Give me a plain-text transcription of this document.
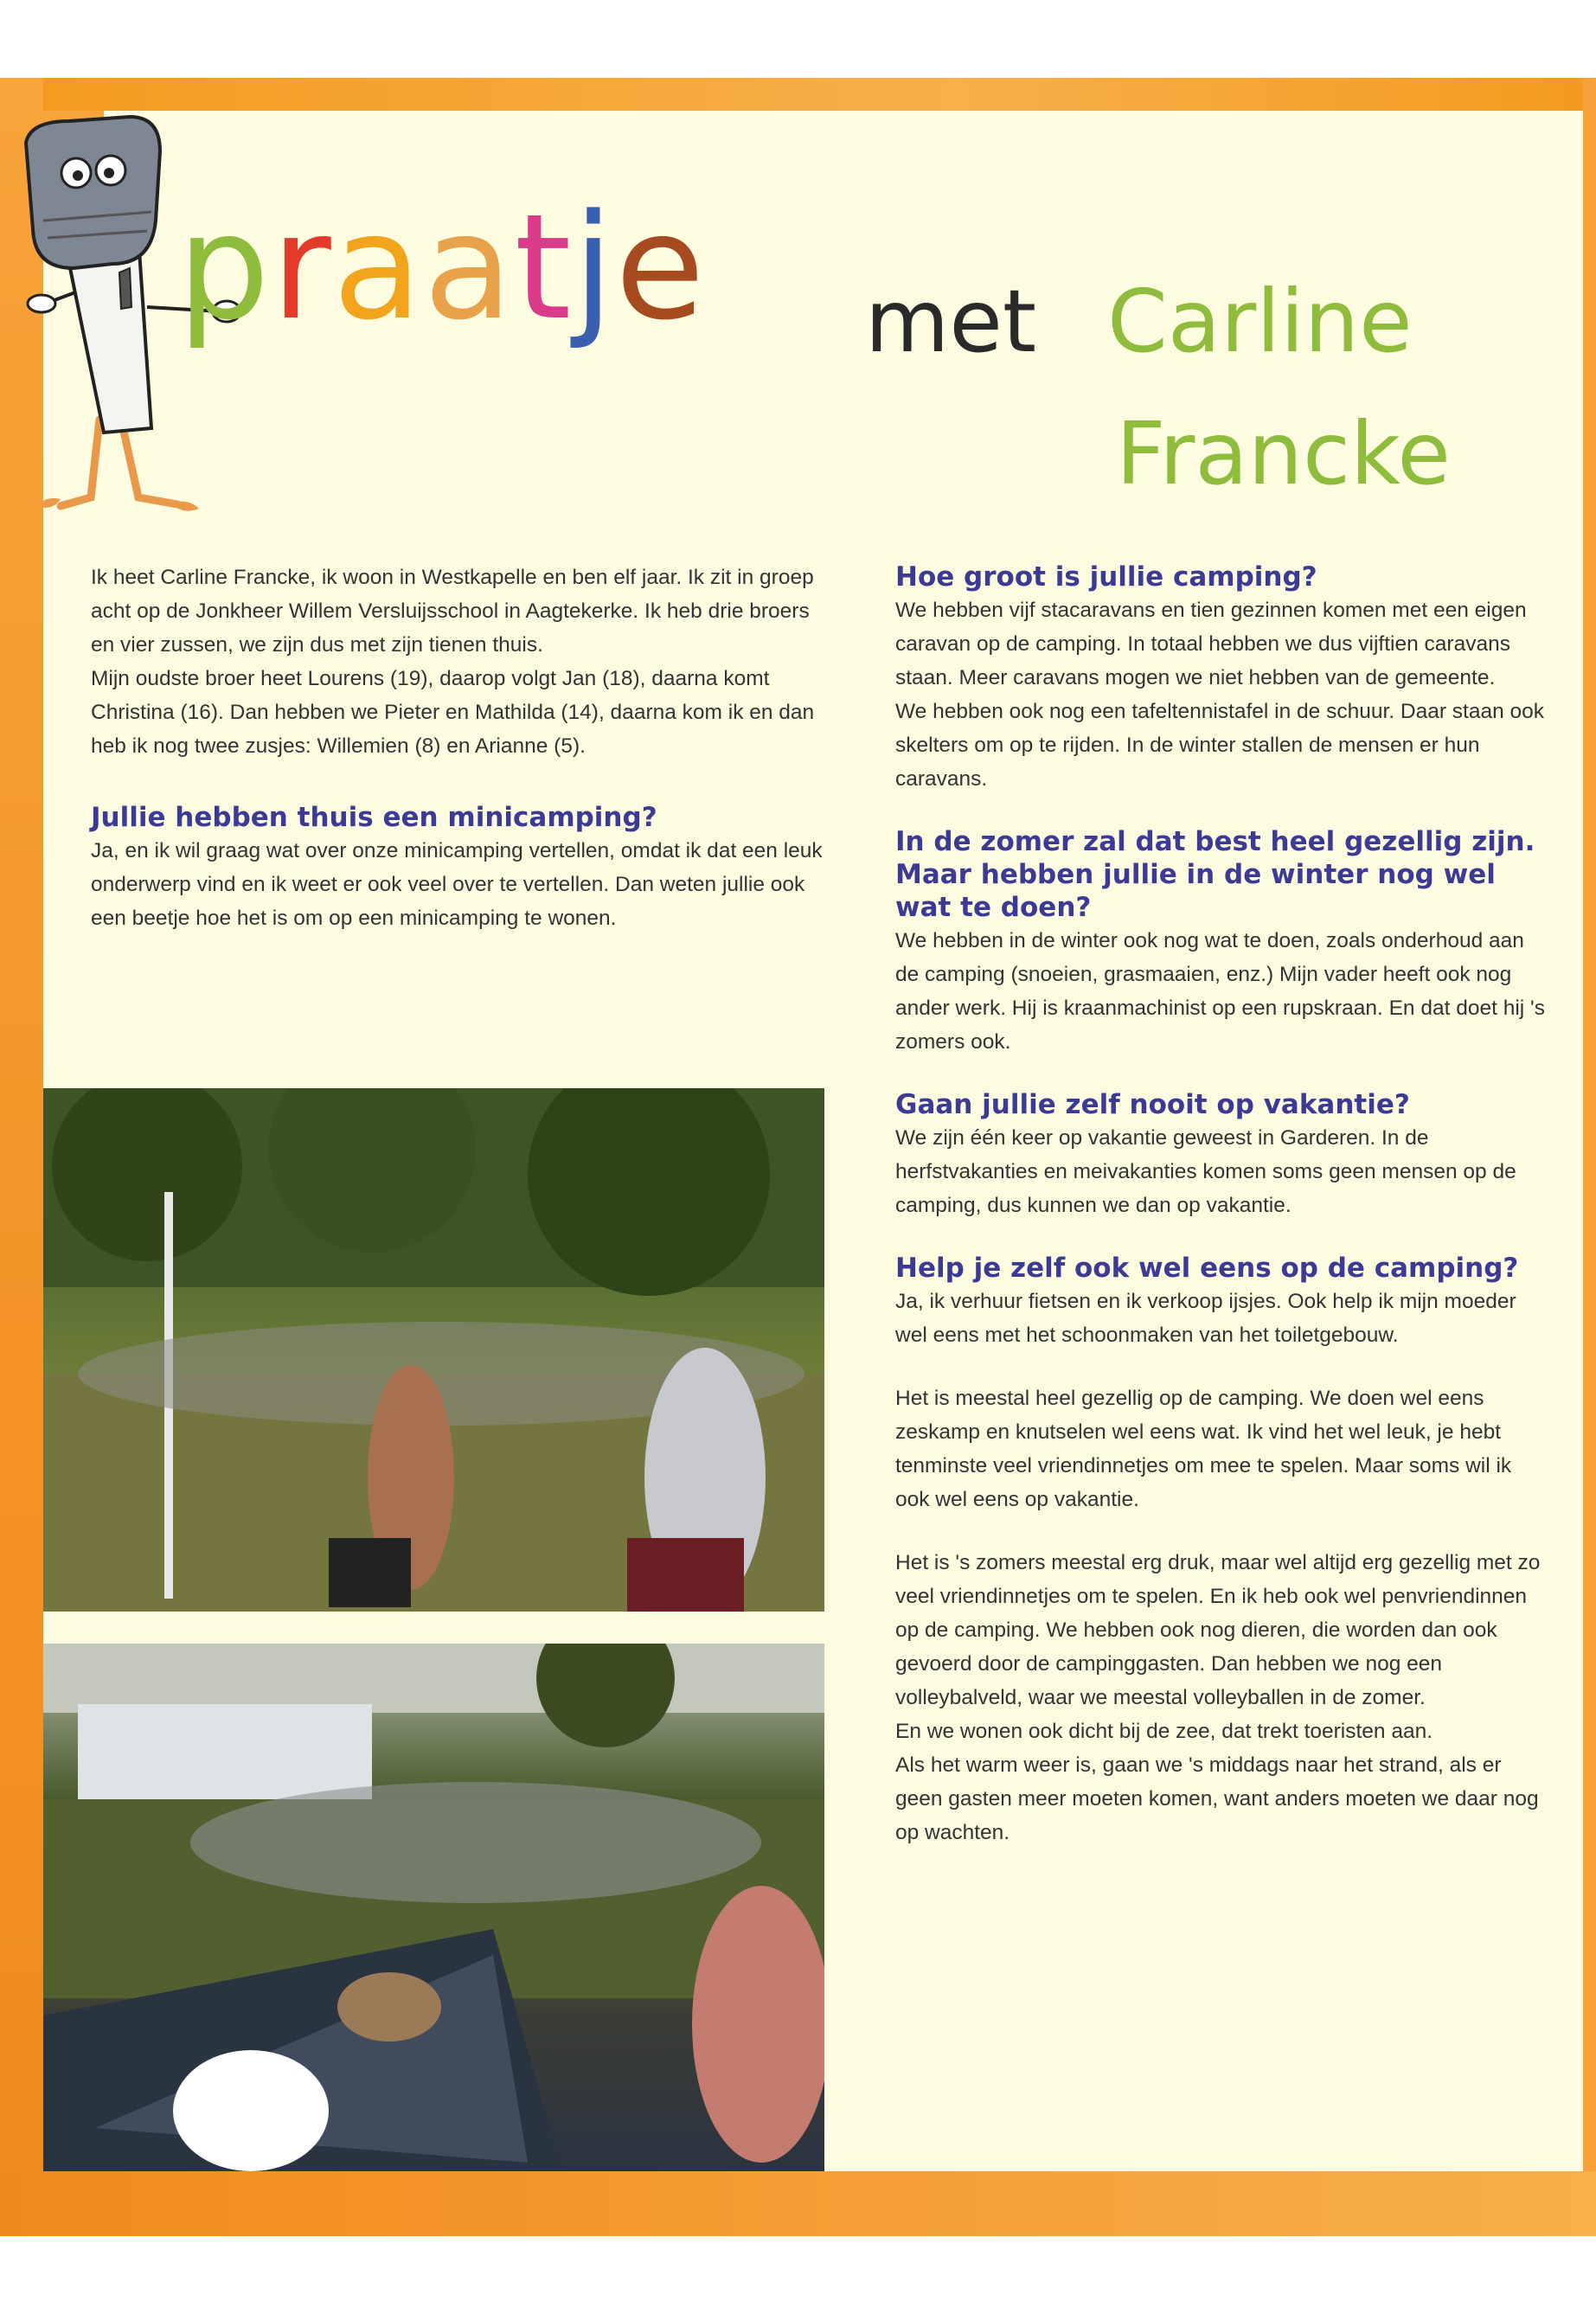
praatje met Carline
Francke

Ik heet Carline Francke, ik woon in Westkapelle en ben elf jaar. Ik zit in groep acht op de Jonkheer Willem Versluijsschool in Aagtekerke. Ik heb drie broers en vier zussen, we zijn dus met zijn tienen thuis.

Mijn oudste broer heet Lourens (19), daarop volgt Jan (18), daarna komt Christina (16). Dan hebben we Pieter en Mathilda (14), daarna kom ik en dan heb ik nog twee zusjes: Willemien (8) en Arianne (5).

Jullie hebben thuis een minicamping?

Ja, en ik wil graag wat over onze minicamping vertellen, omdat ik dat een leuk onderwerp vind en ik weet er ook veel over te vertellen. Dan weten jullie ook een beetje hoe het is om op een minicamping te wonen.

Hoe groot is jullie camping?

We hebben vijf stacaravans en tien gezinnen komen met een eigen caravan op de camping. In totaal hebben we dus vijftien caravans staan. Meer caravans mogen we niet hebben van de gemeente.

We hebben ook nog een tafeltennistafel in de schuur. Daar staan ook skelters om op te rijden. In de winter stallen de mensen er hun caravans.

In de zomer zal dat best heel gezellig zijn. Maar hebben jullie in de winter nog wel wat te doen?

We hebben in de winter ook nog wat te doen, zoals onderhoud aan de camping (snoeien, grasmaaien, enz.) Mijn vader heeft ook nog ander werk. Hij is kraanmachinist op een rupskraan. En dat doet hij 's zomers ook.

Gaan jullie zelf nooit op vakantie?

We zijn één keer op vakantie geweest in Garderen. In de herfstvakanties en meivakanties komen soms geen mensen op de camping, dus kunnen we dan op vakantie.

Help je zelf ook wel eens op de camping?

Ja, ik verhuur fietsen en ik verkoop ijsjes. Ook help ik mijn moeder wel eens met het schoonmaken van het toiletgebouw.

Het is meestal heel gezellig op de camping. We doen wel eens zeskamp en knutselen wel eens wat. Ik vind het wel leuk, je hebt tenminste veel vriendinnetjes om mee te spelen. Maar soms wil ik ook wel eens op vakantie.

Het is 's zomers meestal erg druk, maar wel altijd erg gezellig met zo veel vriendinnetjes om te spelen. En ik heb ook wel penvriendinnen op de camping. We hebben ook nog dieren, die worden dan ook gevoerd door de campinggasten. Dan hebben we nog een volleybalveld, waar we meestal volleyballen in de zomer.

En we wonen ook dicht bij de zee, dat trekt toeristen aan.

Als het warm weer is, gaan we 's middags naar het strand, als er geen gasten meer moeten komen, want anders moeten we daar nog op wachten.
